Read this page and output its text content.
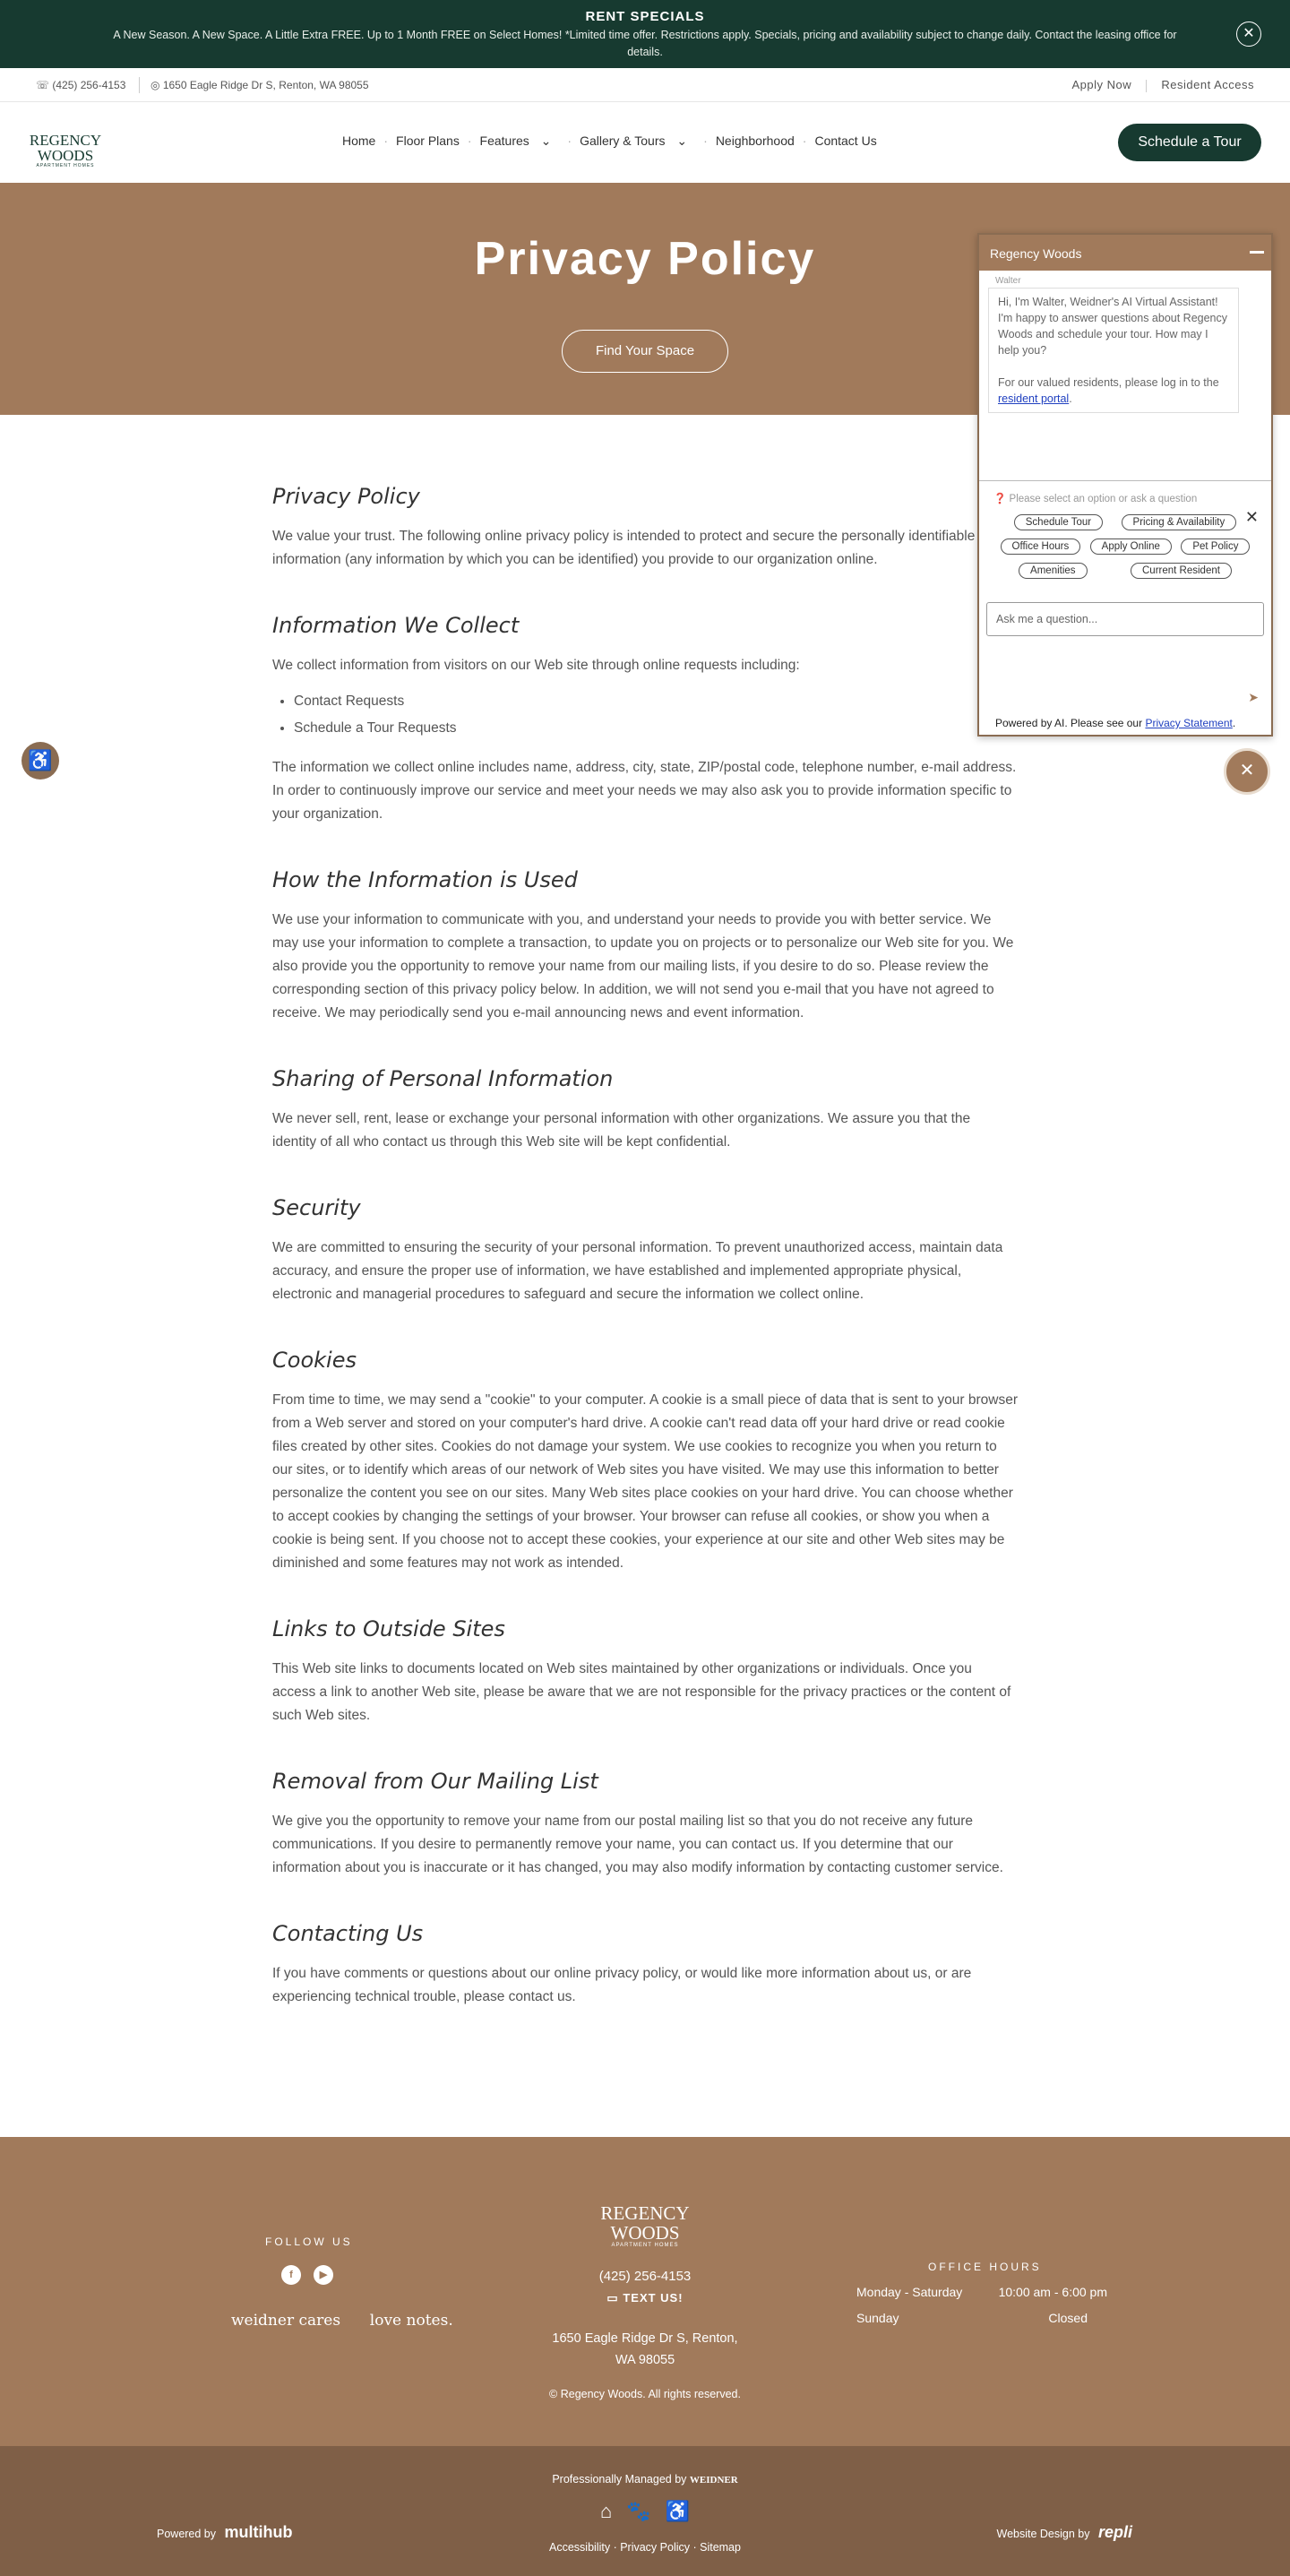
RENT SPECIALS
A New Season. A New Space. A Little Extra FREE. Up to 1 Month FREE on Select Homes! *Limited time offer. Restrictions apply. Specials, pricing and availability subject to change daily. Contact the leasing office for details.
✕
☏ (425) 256-4153 ◎ 1650 Eagle Ridge Dr S, Renton, WA 98055	Apply Now	Resident Access
REGENCY
WOODS
APARTMENT HOMES
Home · Floor Plans · Features ⌄ · Gallery & Tours ⌄ · Neighborhood · Contact Us	Schedule a Tour
Privacy Policy
Find Your Space
Privacy Policy

We value your trust. The following online privacy policy is intended to protect and secure the personally identifiable information (any information by which you can be identified) you provide to our organization online.

Information We Collect

We collect information from visitors on our Web site through online requests including:

• Contact Requests
• Schedule a Tour Requests

The information we collect online includes name, address, city, state, ZIP/postal code, telephone number, e-mail address. In order to continuously improve our service and meet your needs we may also ask you to provide information specific to your organization.

How the Information is Used

We use your information to communicate with you, and understand your needs to provide you with better service. We may use your information to complete a transaction, to update you on projects or to personalize our Web site for you. We also provide you the opportunity to remove your name from our mailing lists, if you desire to do so. Please review the corresponding section of this privacy policy below. In addition, we will not send you e-mail that you have not agreed to receive. We may periodically send you e-mail announcing news and event information.

Sharing of Personal Information

We never sell, rent, lease or exchange your personal information with other organizations. We assure you that the identity of all who contact us through this Web site will be kept confidential.

Security

We are committed to ensuring the security of your personal information. To prevent unauthorized access, maintain data accuracy, and ensure the proper use of information, we have established and implemented appropriate physical, electronic and managerial procedures to safeguard and secure the information we collect online.

Cookies

From time to time, we may send a "cookie" to your computer. A cookie is a small piece of data that is sent to your browser from a Web server and stored on your computer's hard drive. A cookie can't read data off your hard drive or read cookie files created by other sites. Cookies do not damage your system. We use cookies to recognize you when you return to our sites, or to identify which areas of our network of Web sites you have visited. We may use this information to better personalize the content you see on our sites. Many Web sites place cookies on your hard drive. You can choose whether to accept cookies by changing the settings of your browser. Your browser can refuse all cookies, or show you when a cookie is being sent. If you choose not to accept these cookies, your experience at our site and other Web sites may be diminished and some features may not work as intended.

Links to Outside Sites

This Web site links to documents located on Web sites maintained by other organizations or individuals. Once you access a link to another Web site, please be aware that we are not responsible for the privacy practices or the content of such Web sites.

Removal from Our Mailing List

We give you the opportunity to remove your name from our postal mailing list so that you do not receive any future communications. If you desire to permanently remove your name, you can contact us. If you determine that our information about you is inaccurate or it has changed, you may also modify information by contacting customer service.

Contacting Us

If you have comments or questions about our online privacy policy, or would like more information about us, or are experiencing technical trouble, please contact us.

Regency Woods
Walter
Hi, I'm Walter, Weidner's AI Virtual Assistant! I'm happy to answer questions about Regency Woods and schedule your tour. How may I help you?

For our valued residents, please log in to the resident portal.
❓ Please select an option or ask a question
✕
Schedule Tour	Pricing & Availability
Office Hours	Apply Online	Pet Policy
Amenities	Current Resident
Ask me a question...
➤
Powered by AI. Please see our Privacy Statement.
✕
♿
FOLLOW US
f	▶
weidner cares love notes.
REGENCY
WOODS
APARTMENT HOMES
(425) 256-4153
▭ TEXT US!
1650 Eagle Ridge Dr S, Renton,
WA 98055
© Regency Woods. All rights reserved.
OFFICE HOURS
Monday - Saturday	10:00 am - 6:00 pm
Sunday	Closed
Professionally Managed by WEIDNER
Powered by multihub
⌂ 🐾 ♿
Accessibility · Privacy Policy · Sitemap
Website Design by repli
